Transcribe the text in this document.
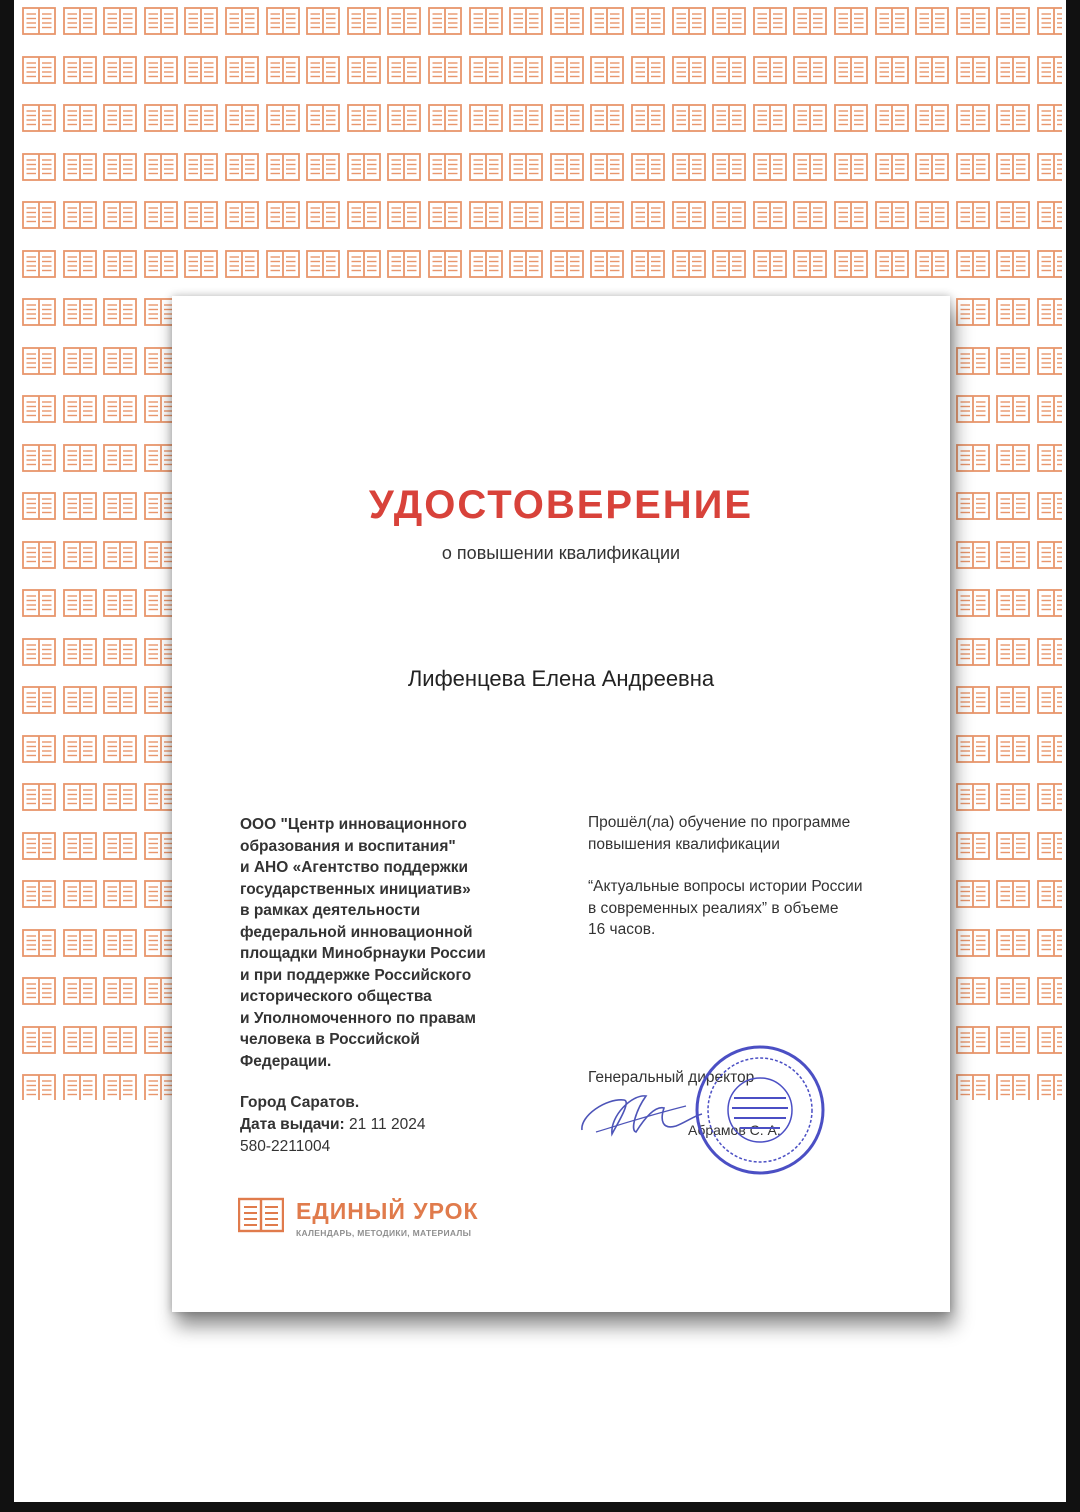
УДОСТОВЕРЕНИЕ
о повышении квалификации
Лифенцева Елена Андреевна
ООО "Центр инновационного
образования и воспитания"
и АНО «Агентство поддержки
государственных инициатив»
в рамках деятельности
федеральной инновационной
площадки Минобрнауки России
и при поддержке Российского
исторического общества
и Уполномоченного по правам
человека в Российской
Федерации.
Город Саратов.
Дата выдачи: 21 11 2024
580-2211004
Прошёл(ла) обучение по программе
повышения квалификации
“Актуальные вопросы истории России
в современных реалиях” в объеме
16 часов.
Генеральный директор
Абрамов С. А.
ЕДИНЫЙ УРОК
КАЛЕНДАРЬ, МЕТОДИКИ, МАТЕРИАЛЫ
